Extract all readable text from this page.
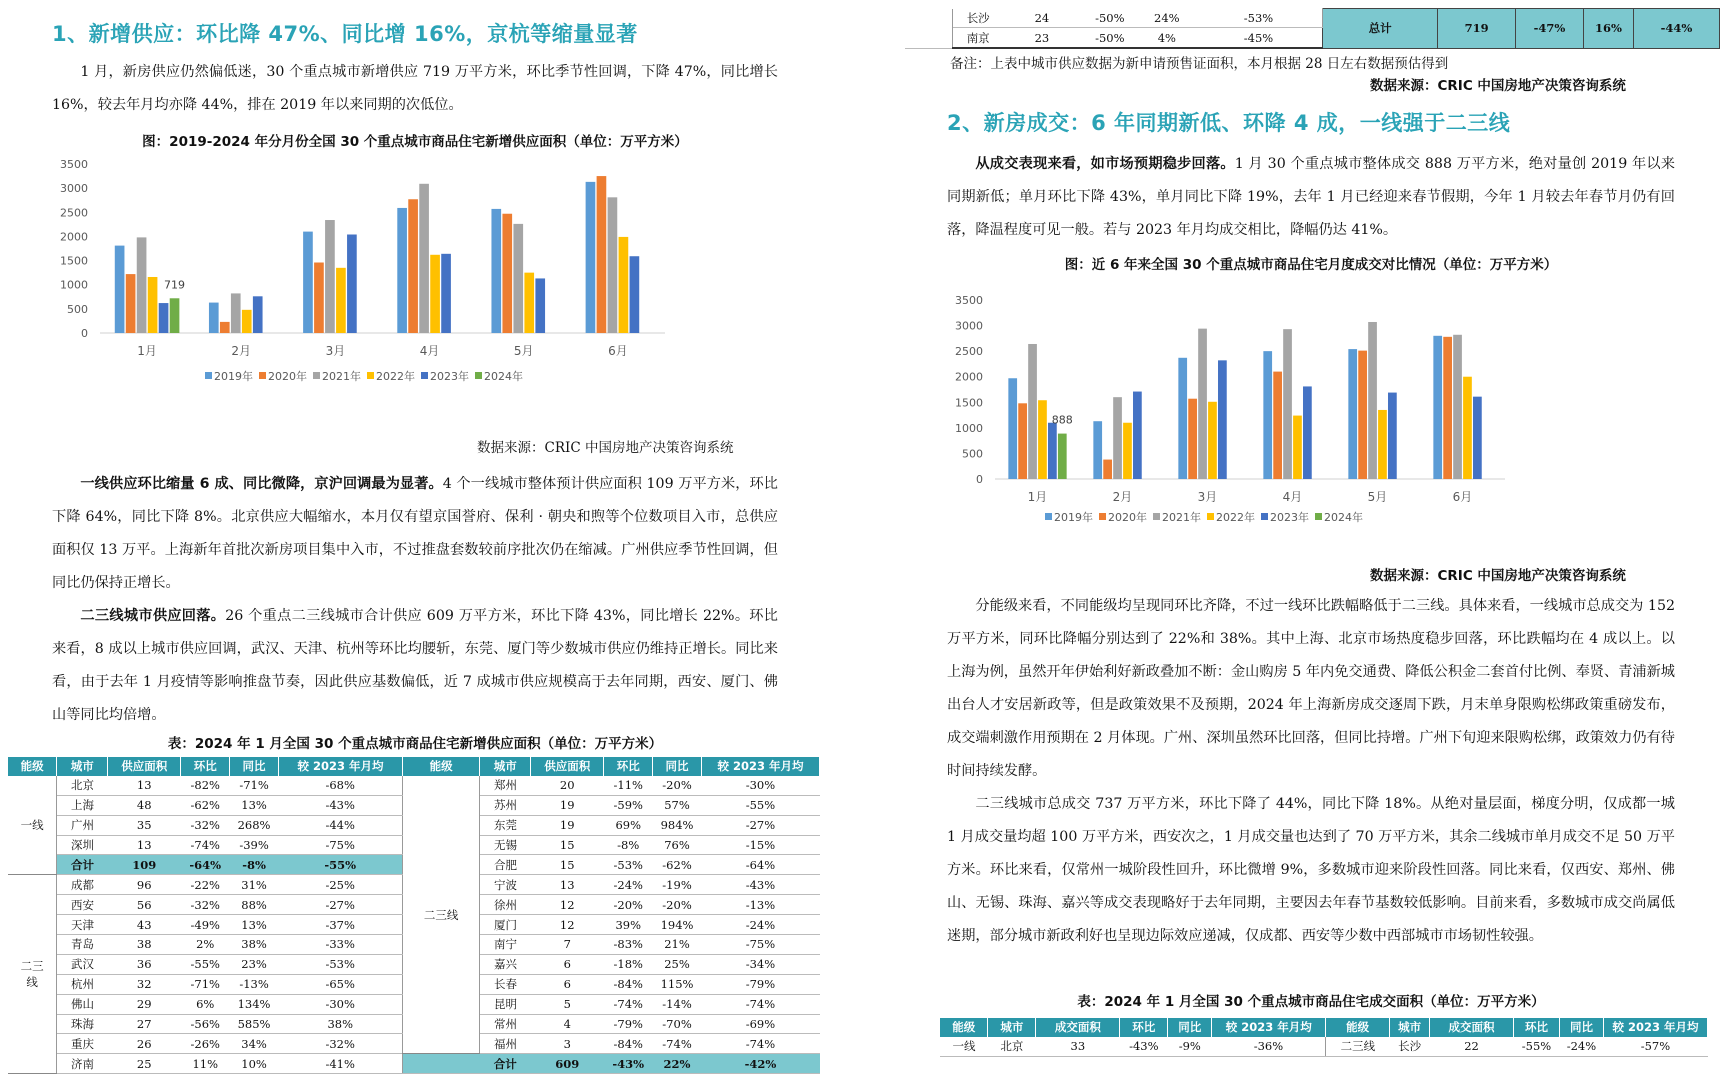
1、新增供应：环比降 47%、同比增 16%，京杭等缩量显著
1 月，新房供应仍然偏低迷，30 个重点城市新增供应 719 万平方米，环比季节性回调，下降 47%，同比增长 16%，较去年月均亦降 44%，排在 2019 年以来同期的次低位。
图：2019-2024 年分月份全国 30 个重点城市商品住宅新增供应面积（单位：万平方米）
0
500
1000
1500
2000
2500
3000
3500
1月	2月	3月	4月	5月	6月
719
2019年 2020年 2021年 2022年 2023年 2024年
数据来源：CRIC 中国房地产决策咨询系统
一线供应环比缩量 6 成、同比微降，京沪回调最为显著。4 个一线城市整体预计供应面积 109 万平方米，环比下降 64%，同比下降 8%。北京供应大幅缩水，本月仅有望京国誉府、保利 · 朝央和煦等个位数项目入市，总供应面积仅 13 万平。上海新年首批次新房项目集中入市，不过推盘套数较前序批次仍在缩减。广州供应季节性回调，但同比仍保持正增长。
二三线城市供应回落。26 个重点二三线城市合计供应 609 万平方米，环比下降 43%，同比增长 22%。环比来看，8 成以上城市供应回调，武汉、天津、杭州等环比均腰斩，东莞、厦门等少数城市供应仍维持正增长。同比来看，由于去年 1 月疫情等影响推盘节奏，因此供应基数偏低，近 7 成城市供应规模高于去年同期，西安、厦门、佛山等同比均倍增。
表：2024 年 1 月全国 30 个重点城市商品住宅新增供应面积（单位：万平方米）
能级	城市	供应面积	环比	同比	较 2023 年月均	能级	城市	供应面积	环比	同比	较 2023 年月均
一线	北京	13	-82%	-71%	-68%	二三线	郑州	20	-11%	-20%	-30%
	上海	48	-62%	13%	-43%		苏州	19	-59%	57%	-55%
	广州	35	-32%	268%	-44%		东莞	19	69%	984%	-27%
	深圳	13	-74%	-39%	-75%		无锡	15	-8%	76%	-15%
	合计	109	-64%	-8%	-55%		合肥	15	-53%	-62%	-64%

二三
线	成都	96	-22%	31%	-25%		宁波	13	-24%	-19%	-43%
	西安	56	-32%	88%	-27%		徐州	12	-20%	-20%	-13%
	天津	43	-49%	13%	-37%		厦门	12	39%	194%	-24%
	青岛	38	2%	38%	-33%		南宁	7	-83%	21%	-75%
	武汉	36	-55%	23%	-53%		嘉兴	6	-18%	25%	-34%
	杭州	32	-71%	-13%	-65%		长春	6	-84%	115%	-79%
	佛山	29	6%	134%	-30%		昆明	5	-74%	-14%	-74%
	珠海	27	-56%	585%	38%		常州	4	-79%	-70%	-69%
	重庆	26	-26%	34%	-32%		福州	3	-84%	-74%	-74%
	济南	25	11%	10%	-41%		合计	609	-43%	22%	-42%
	长沙	24	-50%	24%	-53%	总计	719	-47%	16%	-44%
	南京	23	-50%	4%	-45%					
备注：上表中城市供应数据为新申请预售证面积，本月根据 28 日左右数据预估得到
数据来源：CRIC 中国房地产决策咨询系统
2、新房成交：6 年同期新低、环降 4 成，一线强于二三线
从成交表现来看，如市场预期稳步回落。1 月 30 个重点城市整体成交 888 万平方米，绝对量创 2019 年以来同期新低；单月环比下降 43%，单月同比下降 19%，去年 1 月已经迎来春节假期，今年 1 月较去年春节月仍有回落，降温程度可见一般。若与 2023 年月均成交相比，降幅仍达 41%。
图：近 6 年来全国 30 个重点城市商品住宅月度成交对比情况（单位：万平方米）
0
500
1000
1500
2000
2500
3000
3500
1月	2月	3月	4月	5月	6月
888
2019年 2020年 2021年 2022年 2023年 2024年
数据来源：CRIC 中国房地产决策咨询系统
分能级来看，不同能级均呈现同环比齐降，不过一线环比跌幅略低于二三线。具体来看，一线城市总成交为 152 万平方米，同环比降幅分别达到了 22%和 38%。其中上海、北京市场热度稳步回落，环比跌幅均在 4 成以上。以上海为例，虽然开年伊始利好新政叠加不断：金山购房 5 年内免交通费、降低公积金二套首付比例、奉贤、青浦新城出台人才安居新政等，但是政策效果不及预期，2024 年上海新房成交逐周下跌，月末单身限购松绑政策重磅发布，成交端刺激作用预期在 2 月体现。广州、深圳虽然环比回落，但同比持增。广州下旬迎来限购松绑，政策效力仍有待时间持续发酵。
二三线城市总成交 737 万平方米，环比下降了 44%，同比下降 18%。从绝对量层面，梯度分明，仅成都一城 1 月成交量均超 100 万平方米，西安次之，1 月成交量也达到了 70 万平方米，其余二线城市单月成交不足 50 万平方米。环比来看，仅常州一城阶段性回升，环比微增 9%，多数城市迎来阶段性回落。同比来看，仅西安、郑州、佛山、无锡、珠海、嘉兴等成交表现略好于去年同期，主要因去年春节基数较低影响。目前来看，多数城市成交尚属低迷期，部分城市新政利好也呈现边际效应递减，仅成都、西安等少数中西部城市市场韧性较强。
表：2024 年 1 月全国 30 个重点城市商品住宅成交面积（单位：万平方米）
能级	城市	成交面积	环比	同比	较 2023 年月均	能级	城市	成交面积	环比	同比	较 2023 年月均
一线	北京	33	-43%	-9%	-36%	二三线	长沙	22	-55%	-24%	-57%
